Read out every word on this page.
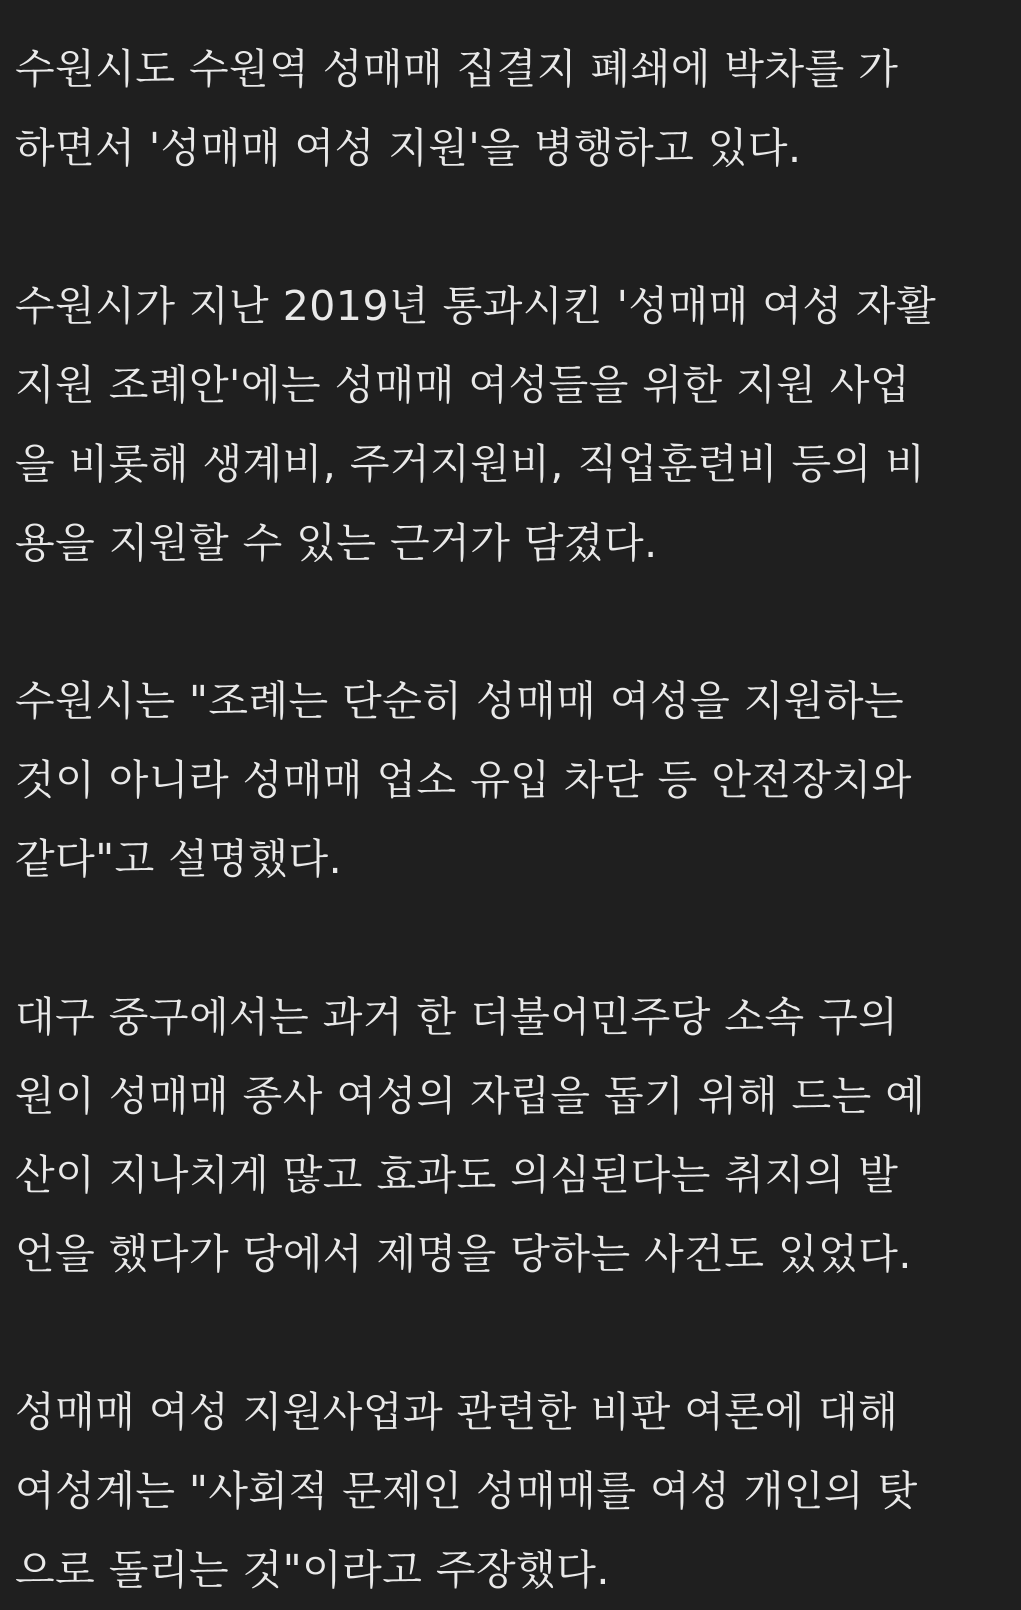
수원시도 수원역 성매매 집결지 폐쇄에 박차를 가
하면서 '성매매 여성 지원'을 병행하고 있다.
수원시가 지난 2019년 통과시킨 '성매매 여성 자활
지원 조례안'에는 성매매 여성들을 위한 지원 사업
을 비롯해 생계비, 주거지원비, 직업훈련비 등의 비
용을 지원할 수 있는 근거가 담겼다.
수원시는 "조례는 단순히 성매매 여성을 지원하는
것이 아니라 성매매 업소 유입 차단 등 안전장치와
같다"고 설명했다.
대구 중구에서는 과거 한 더불어민주당 소속 구의
원이 성매매 종사 여성의 자립을 돕기 위해 드는 예
산이 지나치게 많고 효과도 의심된다는 취지의 발
언을 했다가 당에서 제명을 당하는 사건도 있었다.
성매매 여성 지원사업과 관련한 비판 여론에 대해
여성계는 "사회적 문제인 성매매를 여성 개인의 탓
으로 돌리는 것"이라고 주장했다.
